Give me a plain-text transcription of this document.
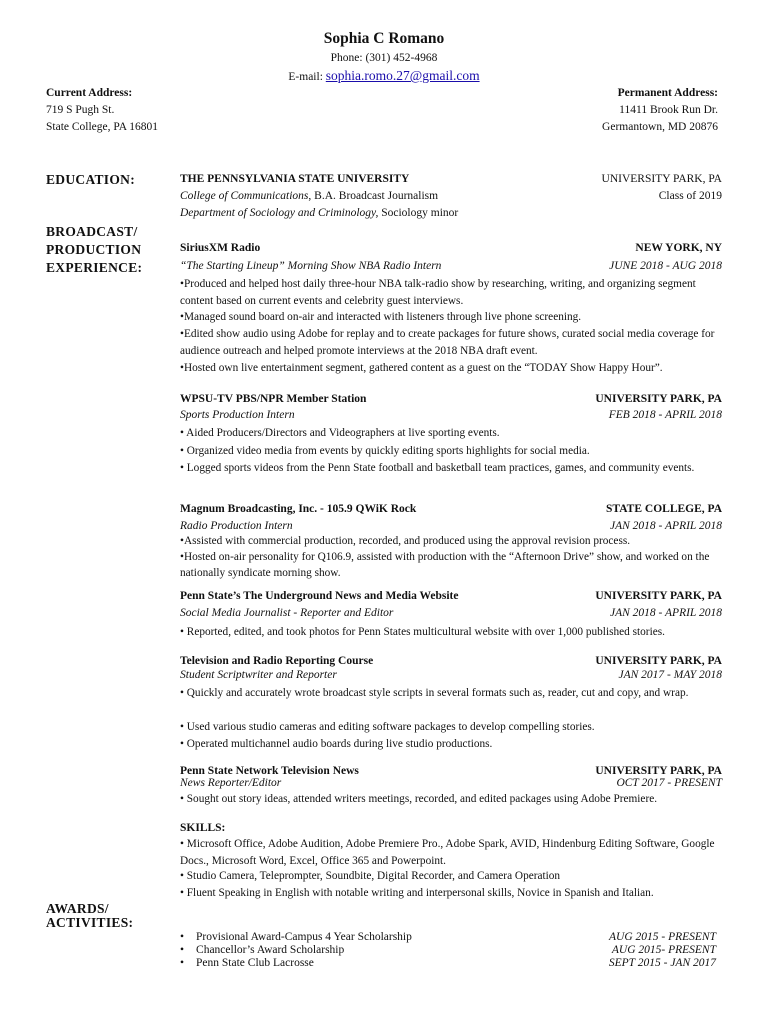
Sophia C Romano
Phone: (301) 452-4968
E-mail: sophia.romo.27@gmail.com
Current Address:
719 S Pugh St.
State College, PA 16801
Permanent Address:
11411 Brook Run Dr.
Germantown, MD 20876
EDUCATION:	THE PENNSYLVANIA STATE UNIVERSITY	UNIVERSITY PARK, PA
College of Communications, B.A. Broadcast Journalism	Class of 2019
Department of Sociology and Criminology, Sociology minor
BROADCAST/
PRODUCTION
EXPERIENCE:
SiriusXM Radio	NEW YORK, NY
“The Starting Lineup” Morning Show NBA Radio Intern	JUNE 2018 - AUG 2018
•Produced and helped host daily three-hour NBA talk-radio show by researching, writing, and organizing segment content based on current events and celebrity guest interviews.
•Managed sound board on-air and interacted with listeners through live phone screening.
•Edited show audio using Adobe for replay and to create packages for future shows, curated social media coverage for audience outreach and helped promote interviews at the 2018 NBA draft event.
•Hosted own live entertainment segment, gathered content as a guest on the “TODAY Show Happy Hour”.
WPSU-TV PBS/NPR Member Station	UNIVERSITY PARK, PA
Sports Production Intern	FEB 2018 - APRIL 2018
• Aided Producers/Directors and Videographers at live sporting events.
• Organized video media from events by quickly editing sports highlights for social media.
• Logged sports videos from the Penn State football and basketball team practices, games, and community events.
Magnum Broadcasting, Inc. - 105.9 QWiK Rock	STATE COLLEGE, PA
Radio Production Intern	JAN 2018 - APRIL 2018
•Assisted with commercial production, recorded, and produced using the approval revision process.
•Hosted on-air personality for Q106.9, assisted with production with the “Afternoon Drive” show, and worked on the nationally syndicate morning show.
Penn State’s The Underground News and Media Website	UNIVERSITY PARK, PA
Social Media Journalist - Reporter and Editor	JAN 2018 - APRIL 2018
• Reported, edited, and took photos for Penn States multicultural website with over 1,000 published stories.
Television and Radio Reporting Course	UNIVERSITY PARK, PA
Student Scriptwriter and Reporter	JAN 2017 - MAY 2018
• Quickly and accurately wrote broadcast style scripts in several formats such as, reader, cut and copy, and wrap.
• Used various studio cameras and editing software packages to develop compelling stories.
• Operated multichannel audio boards during live studio productions.
Penn State Network Television News	UNIVERSITY PARK, PA
News Reporter/Editor	OCT 2017 - PRESENT
• Sought out story ideas, attended writers meetings, recorded, and edited packages using Adobe Premiere.
SKILLS:
• Microsoft Office, Adobe Audition, Adobe Premiere Pro., Adobe Spark, AVID, Hindenburg Editing Software, Google Docs., Microsoft Word, Excel, Office 365 and Powerpoint.
• Studio Camera, Teleprompter, Soundbite, Digital Recorder, and Camera Operation
• Fluent Speaking in English with notable writing and interpersonal skills, Novice in Spanish and Italian.
AWARDS/
ACTIVITIES:
• Provisional Award-Campus 4 Year Scholarship	AUG 2015 - PRESENT
• Chancellor’s Award Scholarship	AUG 2015- PRESENT
• Penn State Club Lacrosse	SEPT 2015 - JAN 2017
